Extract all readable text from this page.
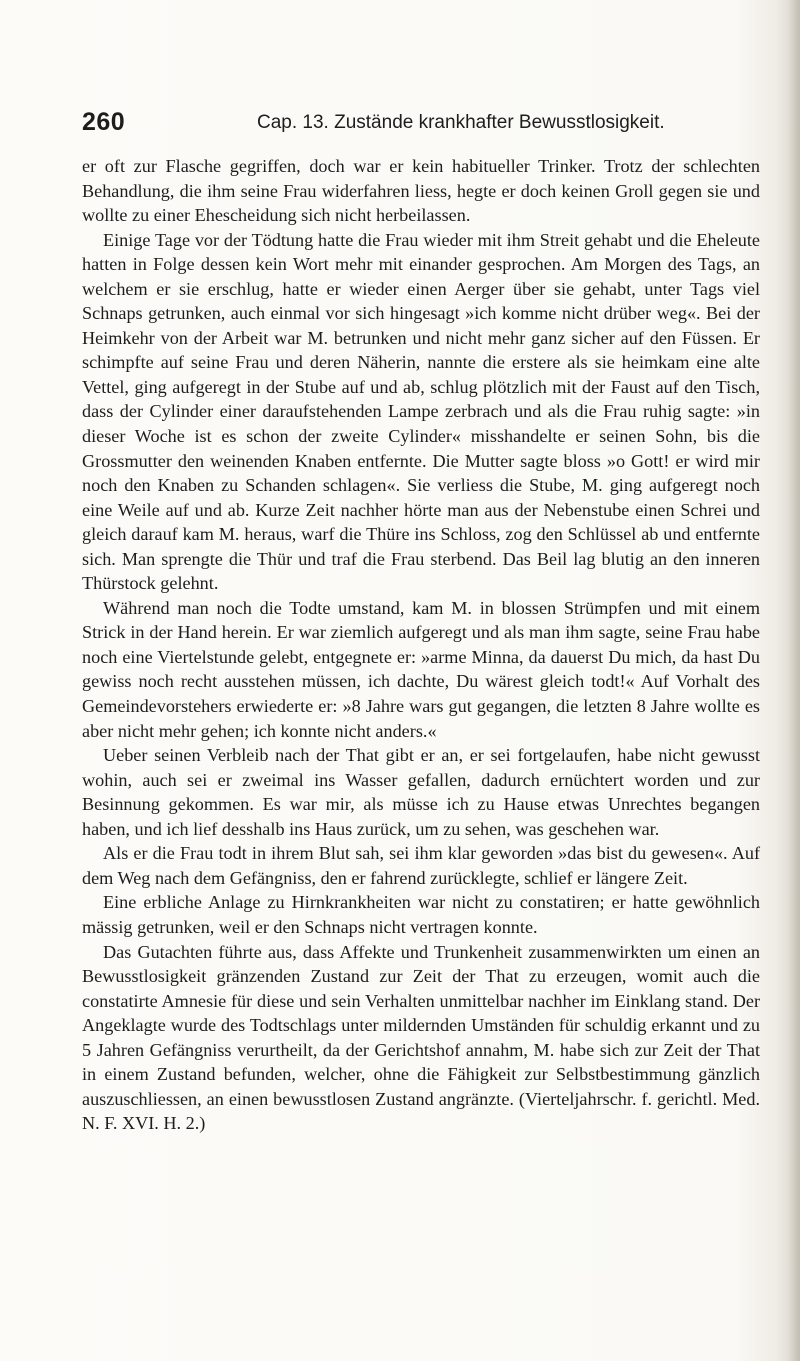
260	Cap. 13. Zustände krankhafter Bewusstlosigkeit.

er oft zur Flasche gegriffen, doch war er kein habitueller Trinker. Trotz der schlechten Behandlung, die ihm seine Frau widerfahren liess, hegte er doch keinen Groll gegen sie und wollte zu einer Ehescheidung sich nicht herbeilassen.

Einige Tage vor der Tödtung hatte die Frau wieder mit ihm Streit gehabt und die Eheleute hatten in Folge dessen kein Wort mehr mit einander gesprochen. Am Morgen des Tags, an welchem er sie erschlug, hatte er wieder einen Aerger über sie gehabt, unter Tags viel Schnaps getrunken, auch einmal vor sich hingesagt »ich komme nicht drüber weg«. Bei der Heimkehr von der Arbeit war M. betrunken und nicht mehr ganz sicher auf den Füssen. Er schimpfte auf seine Frau und deren Näherin, nannte die erstere als sie heimkam eine alte Vettel, ging aufgeregt in der Stube auf und ab, schlug plötzlich mit der Faust auf den Tisch, dass der Cylinder einer daraufstehenden Lampe zerbrach und als die Frau ruhig sagte: »in dieser Woche ist es schon der zweite Cylinder« misshandelte er seinen Sohn, bis die Grossmutter den weinenden Knaben entfernte. Die Mutter sagte bloss »o Gott! er wird mir noch den Knaben zu Schanden schlagen«. Sie verliess die Stube, M. ging aufgeregt noch eine Weile auf und ab. Kurze Zeit nachher hörte man aus der Nebenstube einen Schrei und gleich darauf kam M. heraus, warf die Thüre ins Schloss, zog den Schlüssel ab und entfernte sich. Man sprengte die Thür und traf die Frau sterbend. Das Beil lag blutig an den inneren Thürstock gelehnt.

Während man noch die Todte umstand, kam M. in blossen Strümpfen und mit einem Strick in der Hand herein. Er war ziemlich aufgeregt und als man ihm sagte, seine Frau habe noch eine Viertelstunde gelebt, entgegnete er: »arme Minna, da dauerst Du mich, da hast Du gewiss noch recht ausstehen müssen, ich dachte, Du wärest gleich todt!« Auf Vorhalt des Gemeindevorstehers erwiederte er: »8 Jahre wars gut gegangen, die letzten 8 Jahre wollte es aber nicht mehr gehen; ich konnte nicht anders.«

Ueber seinen Verbleib nach der That gibt er an, er sei fortgelaufen, habe nicht gewusst wohin, auch sei er zweimal ins Wasser gefallen, dadurch ernüchtert worden und zur Besinnung gekommen. Es war mir, als müsse ich zu Hause etwas Unrechtes begangen haben, und ich lief desshalb ins Haus zurück, um zu sehen, was geschehen war.

Als er die Frau todt in ihrem Blut sah, sei ihm klar geworden »das bist du gewesen«. Auf dem Weg nach dem Gefängniss, den er fahrend zurücklegte, schlief er längere Zeit.

Eine erbliche Anlage zu Hirnkrankheiten war nicht zu constatiren; er hatte gewöhnlich mässig getrunken, weil er den Schnaps nicht vertragen konnte.

Das Gutachten führte aus, dass Affekte und Trunkenheit zusammenwirkten um einen an Bewusstlosigkeit gränzenden Zustand zur Zeit der That zu erzeugen, womit auch die constatirte Amnesie für diese und sein Verhalten unmittelbar nachher im Einklang stand. Der Angeklagte wurde des Todtschlags unter mildernden Umständen für schuldig erkannt und zu 5 Jahren Gefängniss verurtheilt, da der Gerichtshof annahm, M. habe sich zur Zeit der That in einem Zustand befunden, welcher, ohne die Fähigkeit zur Selbstbestimmung gänzlich auszuschliessen, an einen bewusstlosen Zustand angränzte. (Vierteljahrschr. f. gerichtl. Med. N. F. XVI. H. 2.)
